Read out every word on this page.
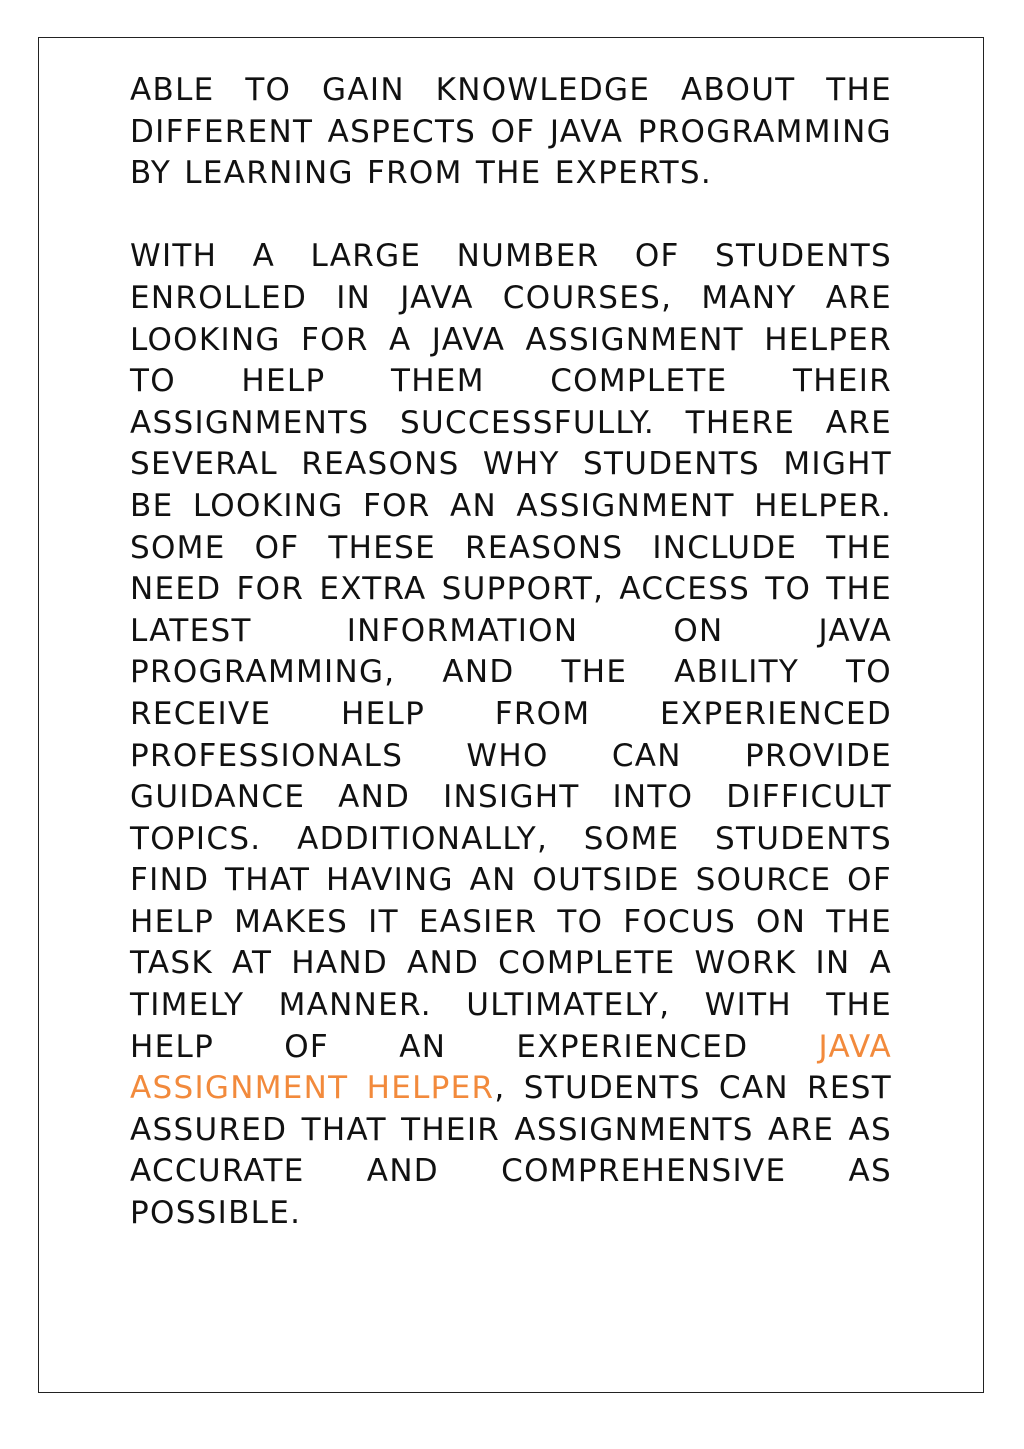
ABLE TO GAIN KNOWLEDGE ABOUT THE DIFFERENT ASPECTS OF JAVA PROGRAMMING BY LEARNING FROM THE EXPERTS.

WITH A LARGE NUMBER OF STUDENTS ENROLLED IN JAVA COURSES, MANY ARE LOOKING FOR A JAVA ASSIGNMENT HELPER TO HELP THEM COMPLETE THEIR ASSIGNMENTS SUCCESSFULLY. THERE ARE SEVERAL REASONS WHY STUDENTS MIGHT BE LOOKING FOR AN ASSIGNMENT HELPER. SOME OF THESE REASONS INCLUDE THE NEED FOR EXTRA SUPPORT, ACCESS TO THE LATEST INFORMATION ON JAVA PROGRAMMING, AND THE ABILITY TO RECEIVE HELP FROM EXPERIENCED PROFESSIONALS WHO CAN PROVIDE GUIDANCE AND INSIGHT INTO DIFFICULT TOPICS. ADDITIONALLY, SOME STUDENTS FIND THAT HAVING AN OUTSIDE SOURCE OF HELP MAKES IT EASIER TO FOCUS ON THE TASK AT HAND AND COMPLETE WORK IN A TIMELY MANNER. ULTIMATELY, WITH THE HELP OF AN EXPERIENCED JAVA ASSIGNMENT HELPER, STUDENTS CAN REST ASSURED THAT THEIR ASSIGNMENTS ARE AS ACCURATE AND COMPREHENSIVE AS POSSIBLE.
